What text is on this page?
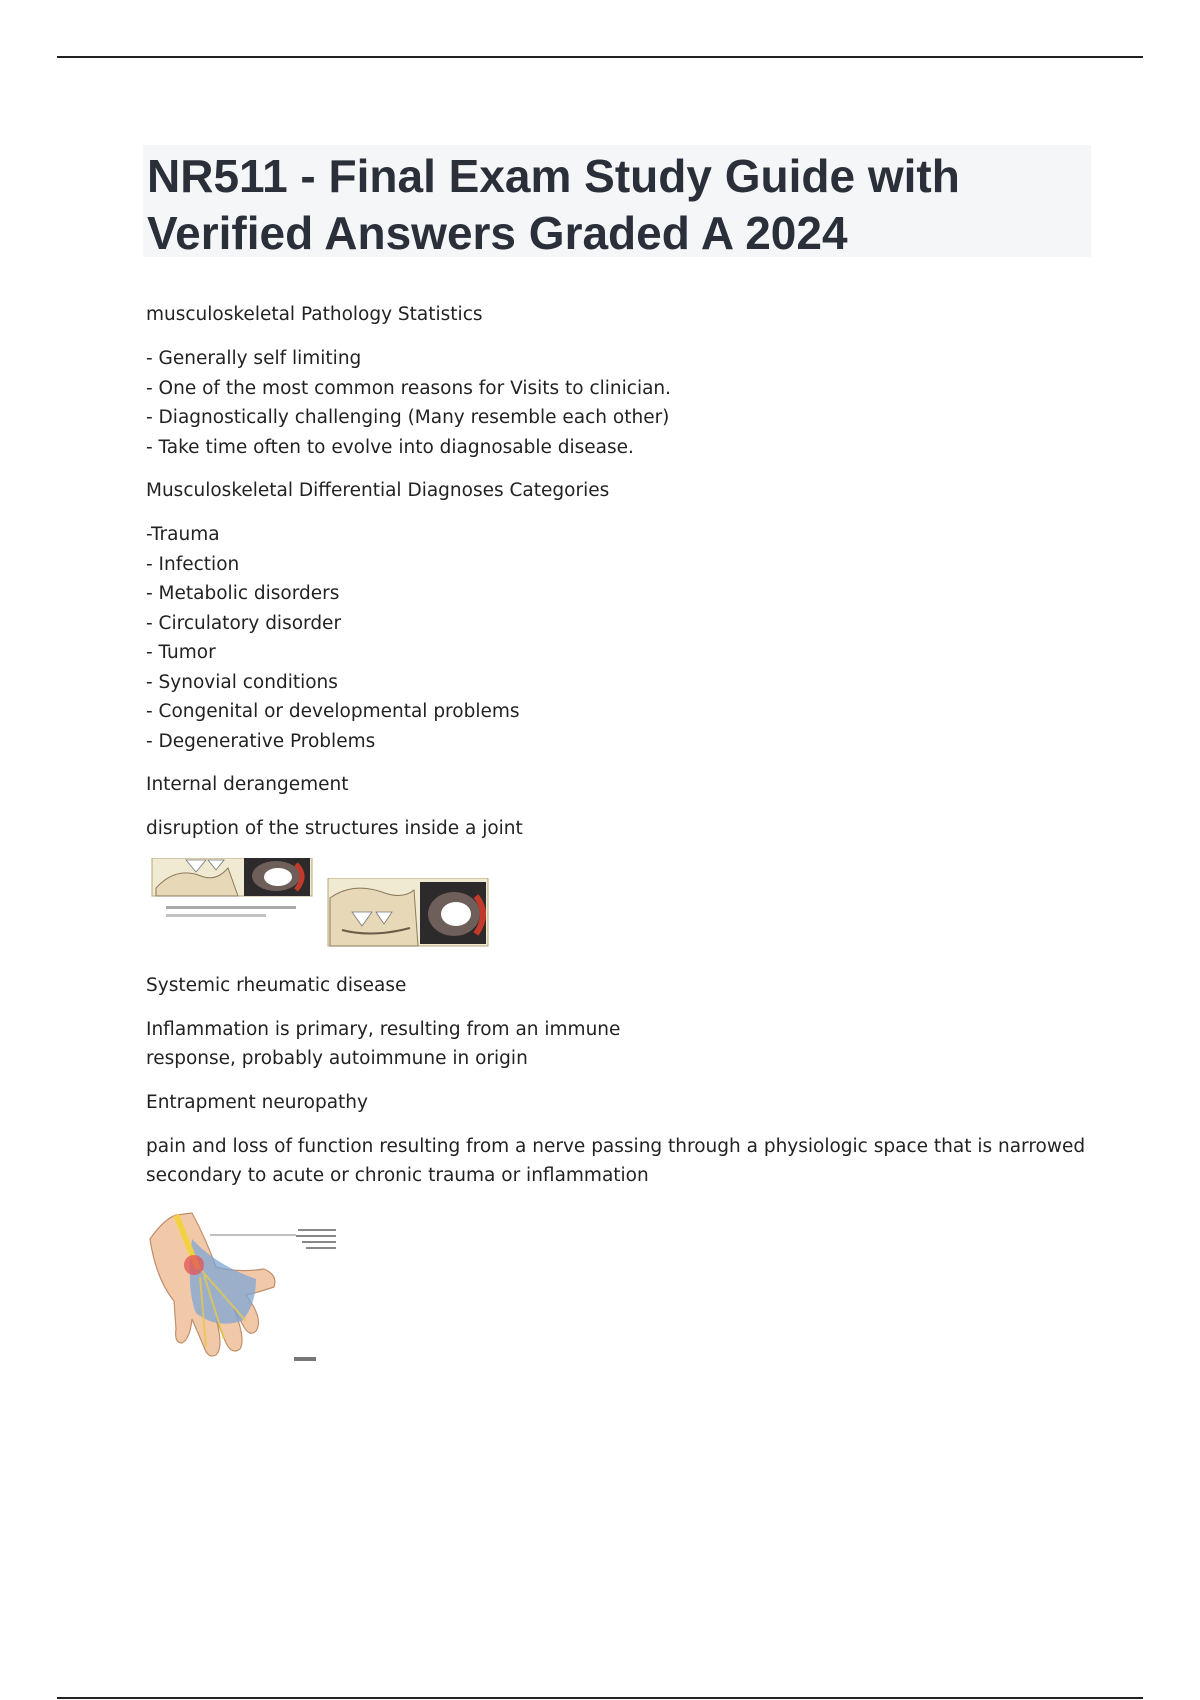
NR511 - Final Exam Study Guide with
Verified Answers Graded A 2024

musculoskeletal Pathology Statistics

- Generally self limiting
- One of the most common reasons for Visits to clinician.
- Diagnostically challenging (Many resemble each other)
- Take time often to evolve into diagnosable disease.

Musculoskeletal Differential Diagnoses Categories

-Trauma
- Infection
- Metabolic disorders
- Circulatory disorder
- Tumor
- Synovial conditions
- Congenital or developmental problems
- Degenerative Problems

Internal derangement

disruption of the structures inside a joint

Systemic rheumatic disease

Inflammation is primary, resulting from an immune
response, probably autoimmune in origin

Entrapment neuropathy

pain and loss of function resulting from a nerve passing through a physiologic space that is narrowed
secondary to acute or chronic trauma or inflammation
